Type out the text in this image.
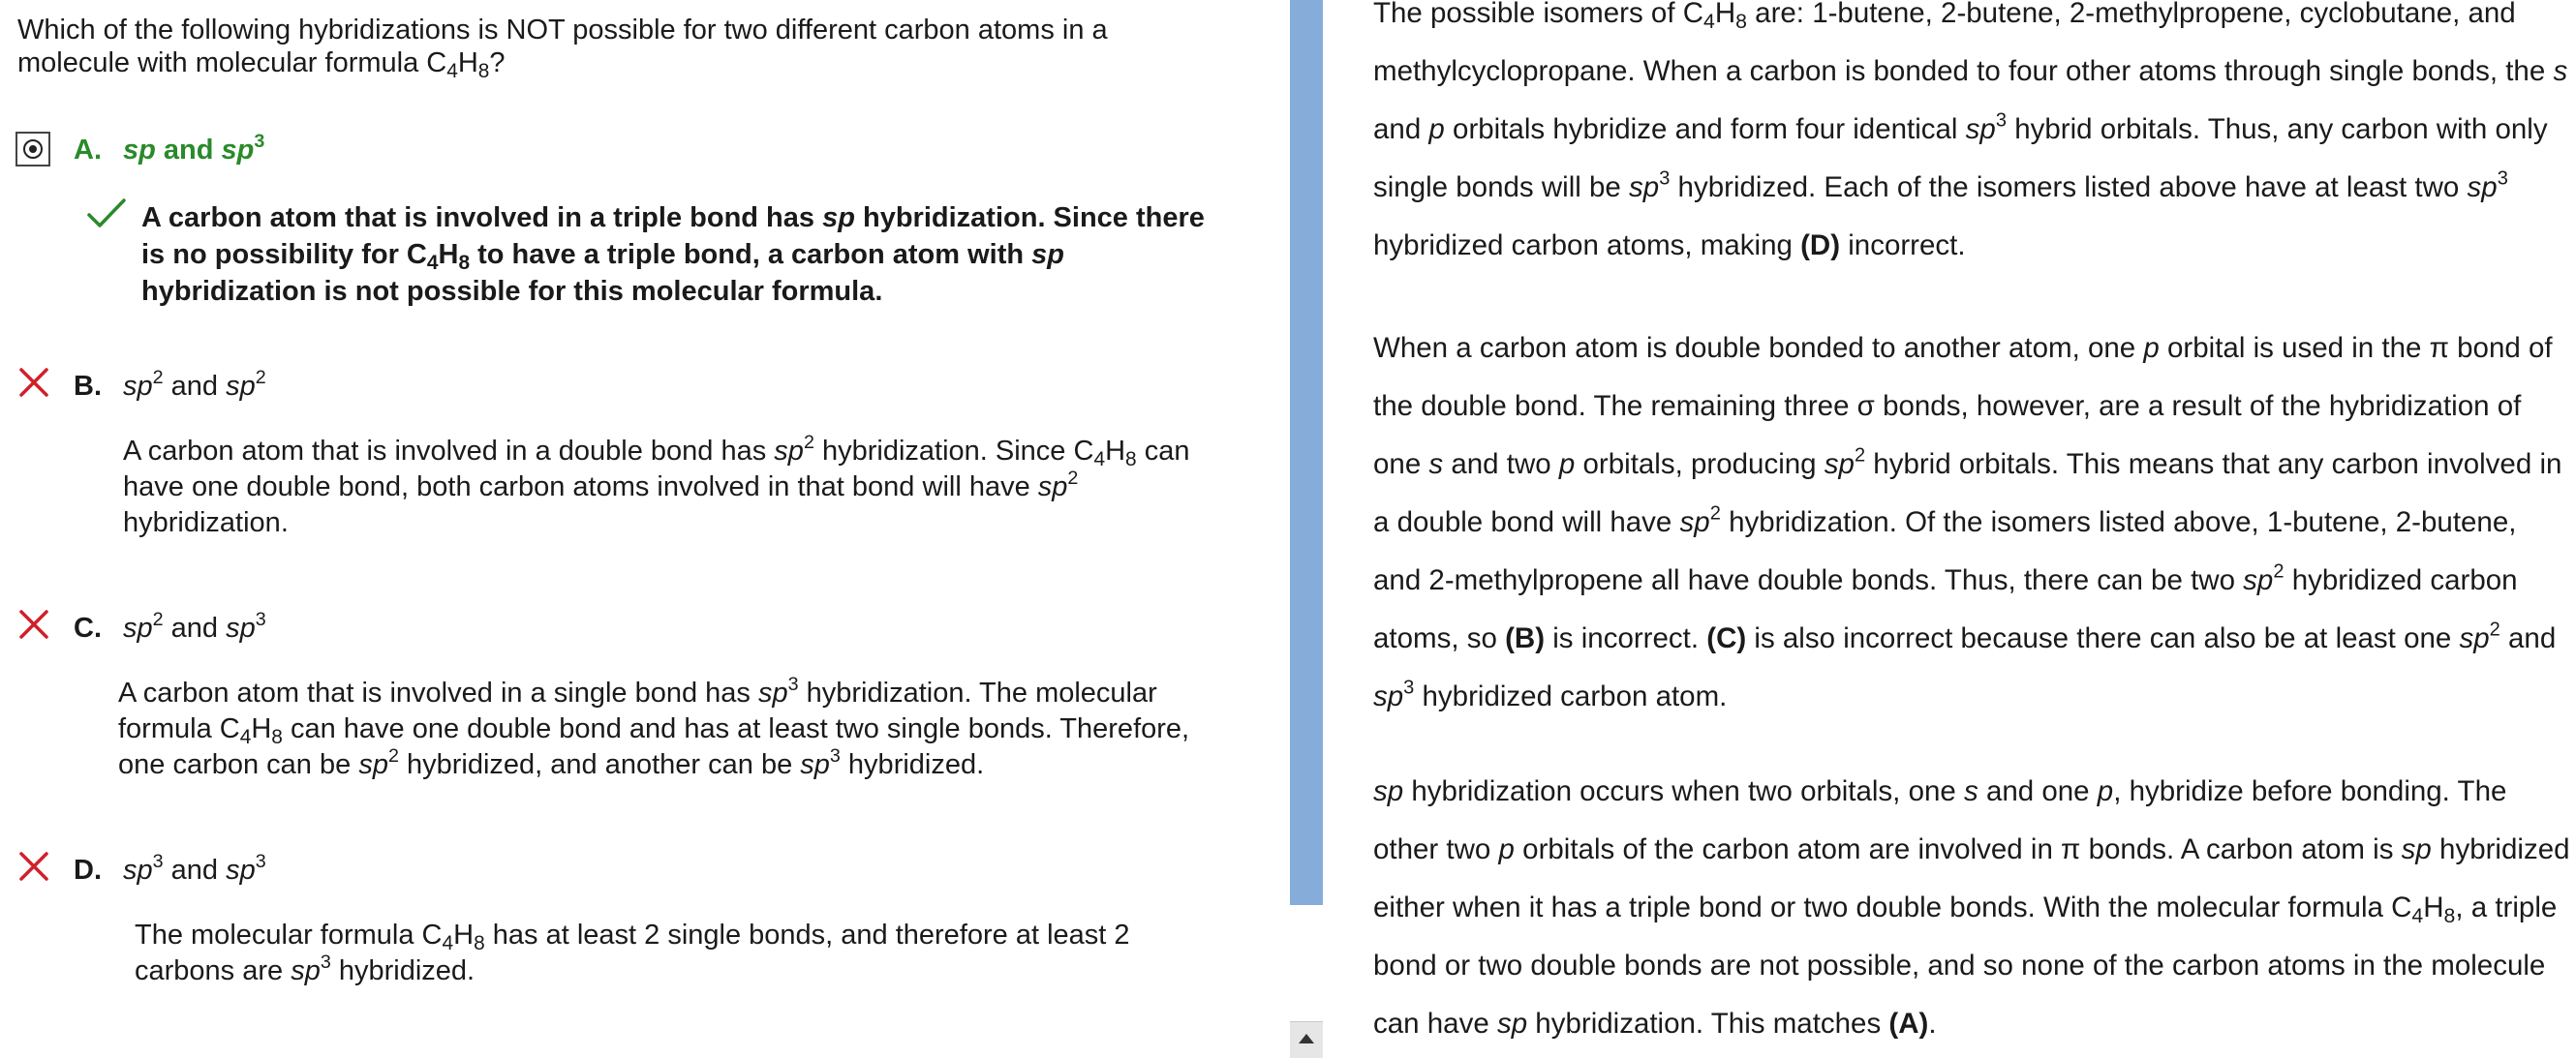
Which of the following hybridizations is NOT possible for two different carbon atoms in a
molecule with molecular formula $C_4H_8$?

A. sp and $sp^3$

A carbon atom that is involved in a triple bond has sp hybridization. Since there
is no possibility for $C_4H_8$ to have a triple bond, a carbon atom with sp
hybridization is not possible for this molecular formula.

B. $sp^2$ and $sp^2$

A carbon atom that is involved in a double bond has $sp^2$ hybridization. Since $C_4H_8$ can
have one double bond, both carbon atoms involved in that bond will have $sp^2$
hybridization.

C. $sp^2$ and $sp^3$

A carbon atom that is involved in a single bond has $sp^3$ hybridization. The molecular
formula $C_4H_8$ can have one double bond and has at least two single bonds. Therefore,
one carbon can be $sp^2$ hybridized, and another can be $sp^3$ hybridized.

D. $sp^3$ and $sp^3$

The molecular formula $C_4H_8$ has at least 2 single bonds, and therefore at least 2
carbons are $sp^3$ hybridized.

The possible isomers of $C_4H_8$ are: 1-butene, 2-butene, 2-methylpropene, cyclobutane, and methylcyclopropane. When a carbon is bonded to four other atoms through single bonds, the s and p orbitals hybridize and form four identical $sp^3$ hybrid orbitals. Thus, any carbon with only single bonds will be $sp^3$ hybridized. Each of the isomers listed above have at least two $sp^3$ hybridized carbon atoms, making (D) incorrect.

When a carbon atom is double bonded to another atom, one p orbital is used in the π bond of the double bond. The remaining three σ bonds, however, are a result of the hybridization of one s and two p orbitals, producing $sp^2$ hybrid orbitals. This means that any carbon involved in a double bond will have $sp^2$ hybridization. Of the isomers listed above, 1-butene, 2-butene, and 2-methylpropene all have double bonds. Thus, there can be two $sp^2$ hybridized carbon atoms, so (B) is incorrect. (C) is also incorrect because there can also be at least one $sp^2$ and $sp^3$ hybridized carbon atom.

sp hybridization occurs when two orbitals, one s and one p, hybridize before bonding. The other two p orbitals of the carbon atom are involved in π bonds. A carbon atom is sp hybridized either when it has a triple bond or two double bonds. With the molecular formula $C_4H_8$, a triple bond or two double bonds are not possible, and so none of the carbon atoms in the molecule can have sp hybridization. This matches (A).
